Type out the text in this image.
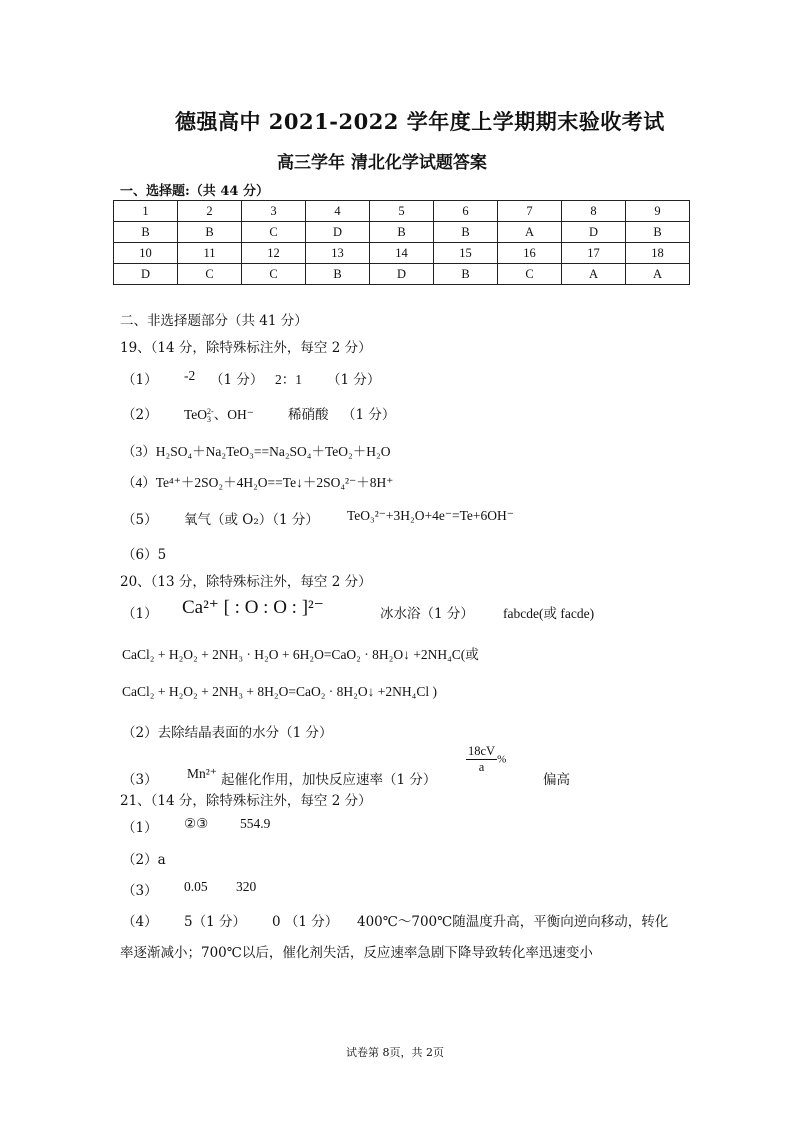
德强高中 2021-2022 学年度上学期期末验收考试
高三学年 清北化学试题答案
一、选择题:（共 44 分）
1	2	3	4	5	6	7	8	9
B	B	C	D	B	B	A	D	B
10	11	12	13	14	15	16	17	18
D	C	C	B	D	B	C	A	A
二、非选择题部分（共 41 分）
19、（14 分，除特殊标注外，每空 2 分）
（1） -2 （1 分） 2：1 （1 分）
（2） TeO 2-
3 、OH⁻	稀硝酸 （1 分）
（3）H₂SO₄＋Na₂TeO₃==Na₂SO₄＋TeO₂＋H₂O
（4）Te⁴⁺＋2SO₂＋4H₂O==Te↓＋2SO₄²⁻＋8H⁺
（5） 氧气（或 O₂）（1 分） TeO₃²⁻+3H₂O+4e⁻=Te+6OH⁻
（6）5
20、（13 分，除特殊标注外，每空 2 分）
（1） Ca²⁺ [ : O : O : ]²⁻	冰水浴（1 分） fabcde(或 facde)
CaCl₂ + H₂O₂ + 2NH₃ · H₂O + 6H₂O=CaO₂ · 8H₂O↓ +2NH₄C(或
CaCl₂ + H₂O₂ + 2NH₃ + 8H₂O=CaO₂ · 8H₂O↓ +2NH₄Cl )
（2）去除结晶表面的水分（1 分）
（3） Mn²⁺ 起催化作用，加快反应速率（1 分）
$\frac{18cV}{a}$ %
偏高
21、（14 分，除特殊标注外，每空 2 分）
（1） ②③ 554.9
（2）a
（3） 0.05 320
（4） 5（1 分） 0 （1 分） 400℃～700℃随温度升高，平衡向逆向移动，转化
率逐渐减小；700℃以后，催化剂失活，反应速率急剧下降导致转化率迅速变小
试卷第 8页，共 2页
